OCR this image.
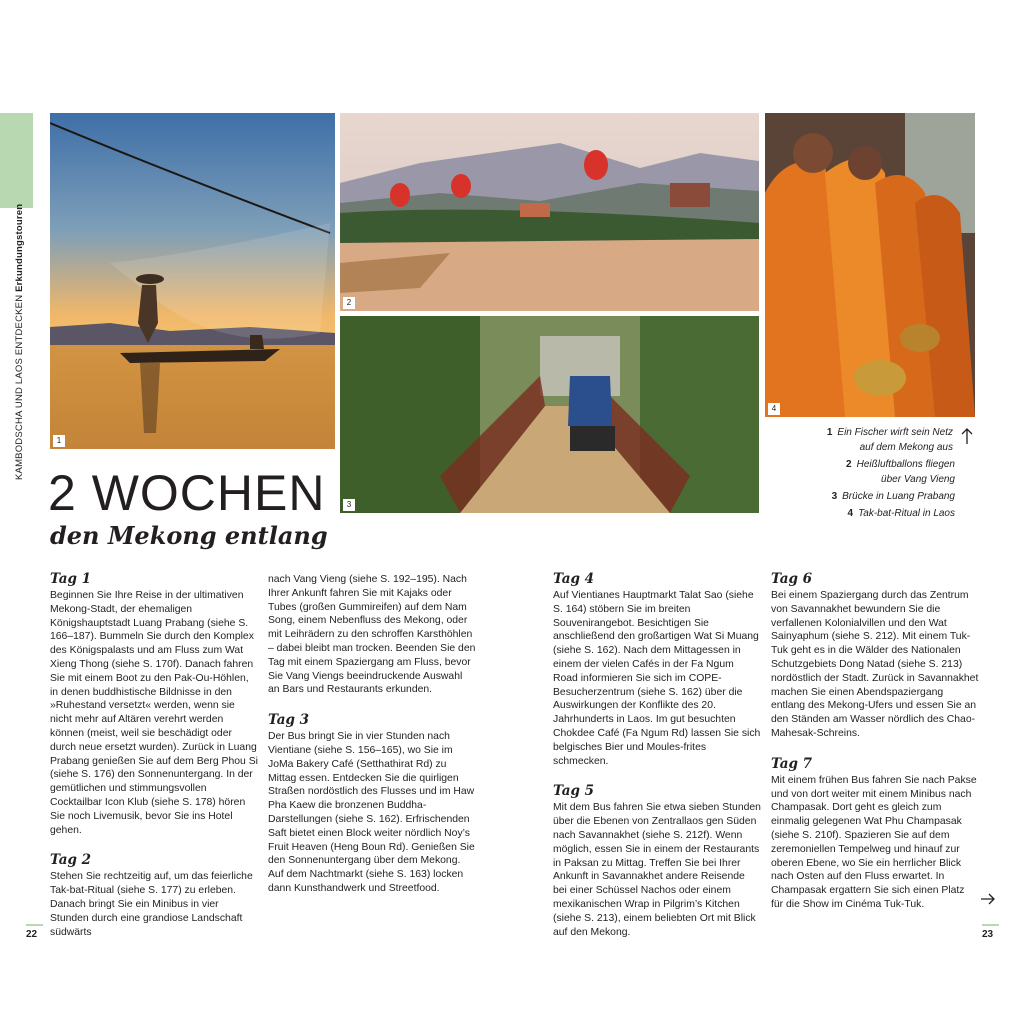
KAMBODSCHA UND LAOS ENTDECKEN Erkundungstouren
1
2
3
4
1 Ein Fischer wirft sein Netz
auf dem Mekong aus
2 Heißluftballons fliegen
über Vang Vieng
3 Brücke in Luang Prabang
4 Tak-bat-Ritual in Laos
2 WOCHEN
den Mekong entlang
Tag 1

Beginnen Sie Ihre Reise in der ultimativen Mekong-Stadt, der ehemaligen Königshauptstadt Luang Prabang (siehe S. 166–187). Bummeln Sie durch den Komplex des Königspalasts und am Fluss zum Wat Xieng Thong (siehe S. 170f). Danach fahren Sie mit einem Boot zu den Pak-Ou-Höhlen, in denen buddhistische Bildnisse in den »Ruhestand versetzt« werden, wenn sie nicht mehr auf Altären verehrt werden können (meist, weil sie beschädigt oder durch neue ersetzt wurden). Zurück in Luang Prabang genießen Sie auf dem Berg Phou Si (siehe S. 176) den Sonnenuntergang. In der gemütlichen und stimmungsvollen Cocktailbar Icon Klub (siehe S. 178) hören Sie noch Livemusik, bevor Sie ins Hotel gehen.

Tag 2

Stehen Sie rechtzeitig auf, um das feierliche Tak-bat-Ritual (siehe S. 177) zu erleben. Danach bringt Sie ein Minibus in vier Stunden durch eine grandiose Landschaft südwärts

nach Vang Vieng (siehe S. 192–195). Nach Ihrer Ankunft fahren Sie mit Kajaks oder Tubes (großen Gummireifen) auf dem Nam Song, einem Nebenfluss des Mekong, oder mit Leihrädern zu den schroffen Karsthöhlen – dabei bleibt man trocken. Beenden Sie den Tag mit einem Spaziergang am Fluss, bevor Sie Vang Viengs beeindruckende Auswahl an Bars und Restaurants erkunden.

Tag 3

Der Bus bringt Sie in vier Stunden nach Vientiane (siehe S. 156–165), wo Sie im JoMa Bakery Café (Setthathirat Rd) zu Mittag essen. Entdecken Sie die quirligen Straßen nordöstlich des Flusses und im Haw Pha Kaew die bronzenen Buddha-Darstellungen (siehe S. 162). Erfrischenden Saft bietet einen Block weiter nördlich Noy’s Fruit Heaven (Heng Boun Rd). Genießen Sie den Sonnenuntergang über dem Mekong. Auf dem Nachtmarkt (siehe S. 163) locken dann Kunsthandwerk und Streetfood.

Tag 4

Auf Vientianes Hauptmarkt Talat Sao (siehe S. 164) stöbern Sie im breiten Souvenirangebot. Besichtigen Sie anschließend den großartigen Wat Si Muang (siehe S. 162). Nach dem Mittagessen in einem der vielen Cafés in der Fa Ngum Road informieren Sie sich im COPE-Besucherzentrum (siehe S. 162) über die Auswirkungen der Konflikte des 20. Jahrhunderts in Laos. Im gut besuchten Chokdee Café (Fa Ngum Rd) lassen Sie sich belgisches Bier und Moules-frites schmecken.

Tag 5

Mit dem Bus fahren Sie etwa sieben Stunden über die Ebenen von Zentrallaos gen Süden nach Savannakhet (siehe S. 212f). Wenn möglich, essen Sie in einem der Restaurants in Paksan zu Mittag. Treffen Sie bei Ihrer Ankunft in Savannakhet andere Reisende bei einer Schüssel Nachos oder einem mexikanischen Wrap in Pilgrim’s Kitchen (siehe S. 213), einem beliebten Ort mit Blick auf den Mekong.

Tag 6

Bei einem Spaziergang durch das Zentrum von Savannakhet bewundern Sie die verfallenen Kolonialvillen und den Wat Sainyaphum (siehe S. 212). Mit einem Tuk-Tuk geht es in die Wälder des Nationalen Schutzgebiets Dong Natad (siehe S. 213) nordöstlich der Stadt. Zurück in Savannakhet machen Sie einen Abendspaziergang entlang des Mekong-Ufers und essen Sie an den Ständen am Wasser nördlich des Chao-Mahesak-Schreins.

Tag 7

Mit einem frühen Bus fahren Sie nach Pakse und von dort weiter mit einem Minibus nach Champasak. Dort geht es gleich zum einmalig gelegenen Wat Phu Champasak (siehe S. 210f). Spazieren Sie auf dem zeremoniellen Tempelweg und hinauf zur oberen Ebene, wo Sie ein herrlicher Blick nach Osten auf den Fluss erwartet. In Champasak ergattern Sie sich einen Platz für die Show im Cinéma Tuk-Tuk.

22	23
